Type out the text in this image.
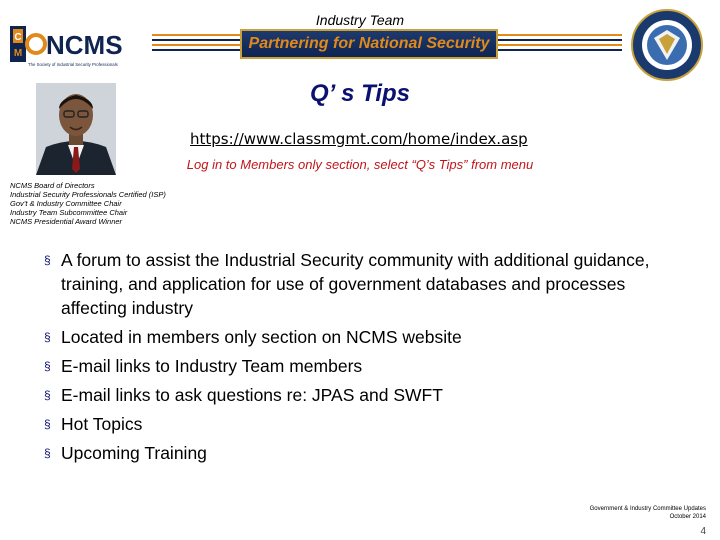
Industry Team
C
M NCMS
The Society of Industrial Security Professionals
Partnering for National Security
Q’ s Tips
https://www.classmgmt.com/home/index.asp
Log in to Members only section, select “Q’s Tips” from menu
NCMS Board of Directors
Industrial Security Professionals Certified (ISP)
Gov’t & Industry Committee Chair
Industry Team Subcommittee Chair
NCMS Presidential Award Winner
§ A forum to assist the Industrial Security community with additional guidance, training, and application for use of government databases and processes affecting industry
§ Located in members only section on NCMS website
§ E-mail links to Industry Team members
§ E-mail links to ask questions re: JPAS and SWFT
§ Hot Topics
§ Upcoming Training
Government & Industry Committee Updates
October 2014
4
